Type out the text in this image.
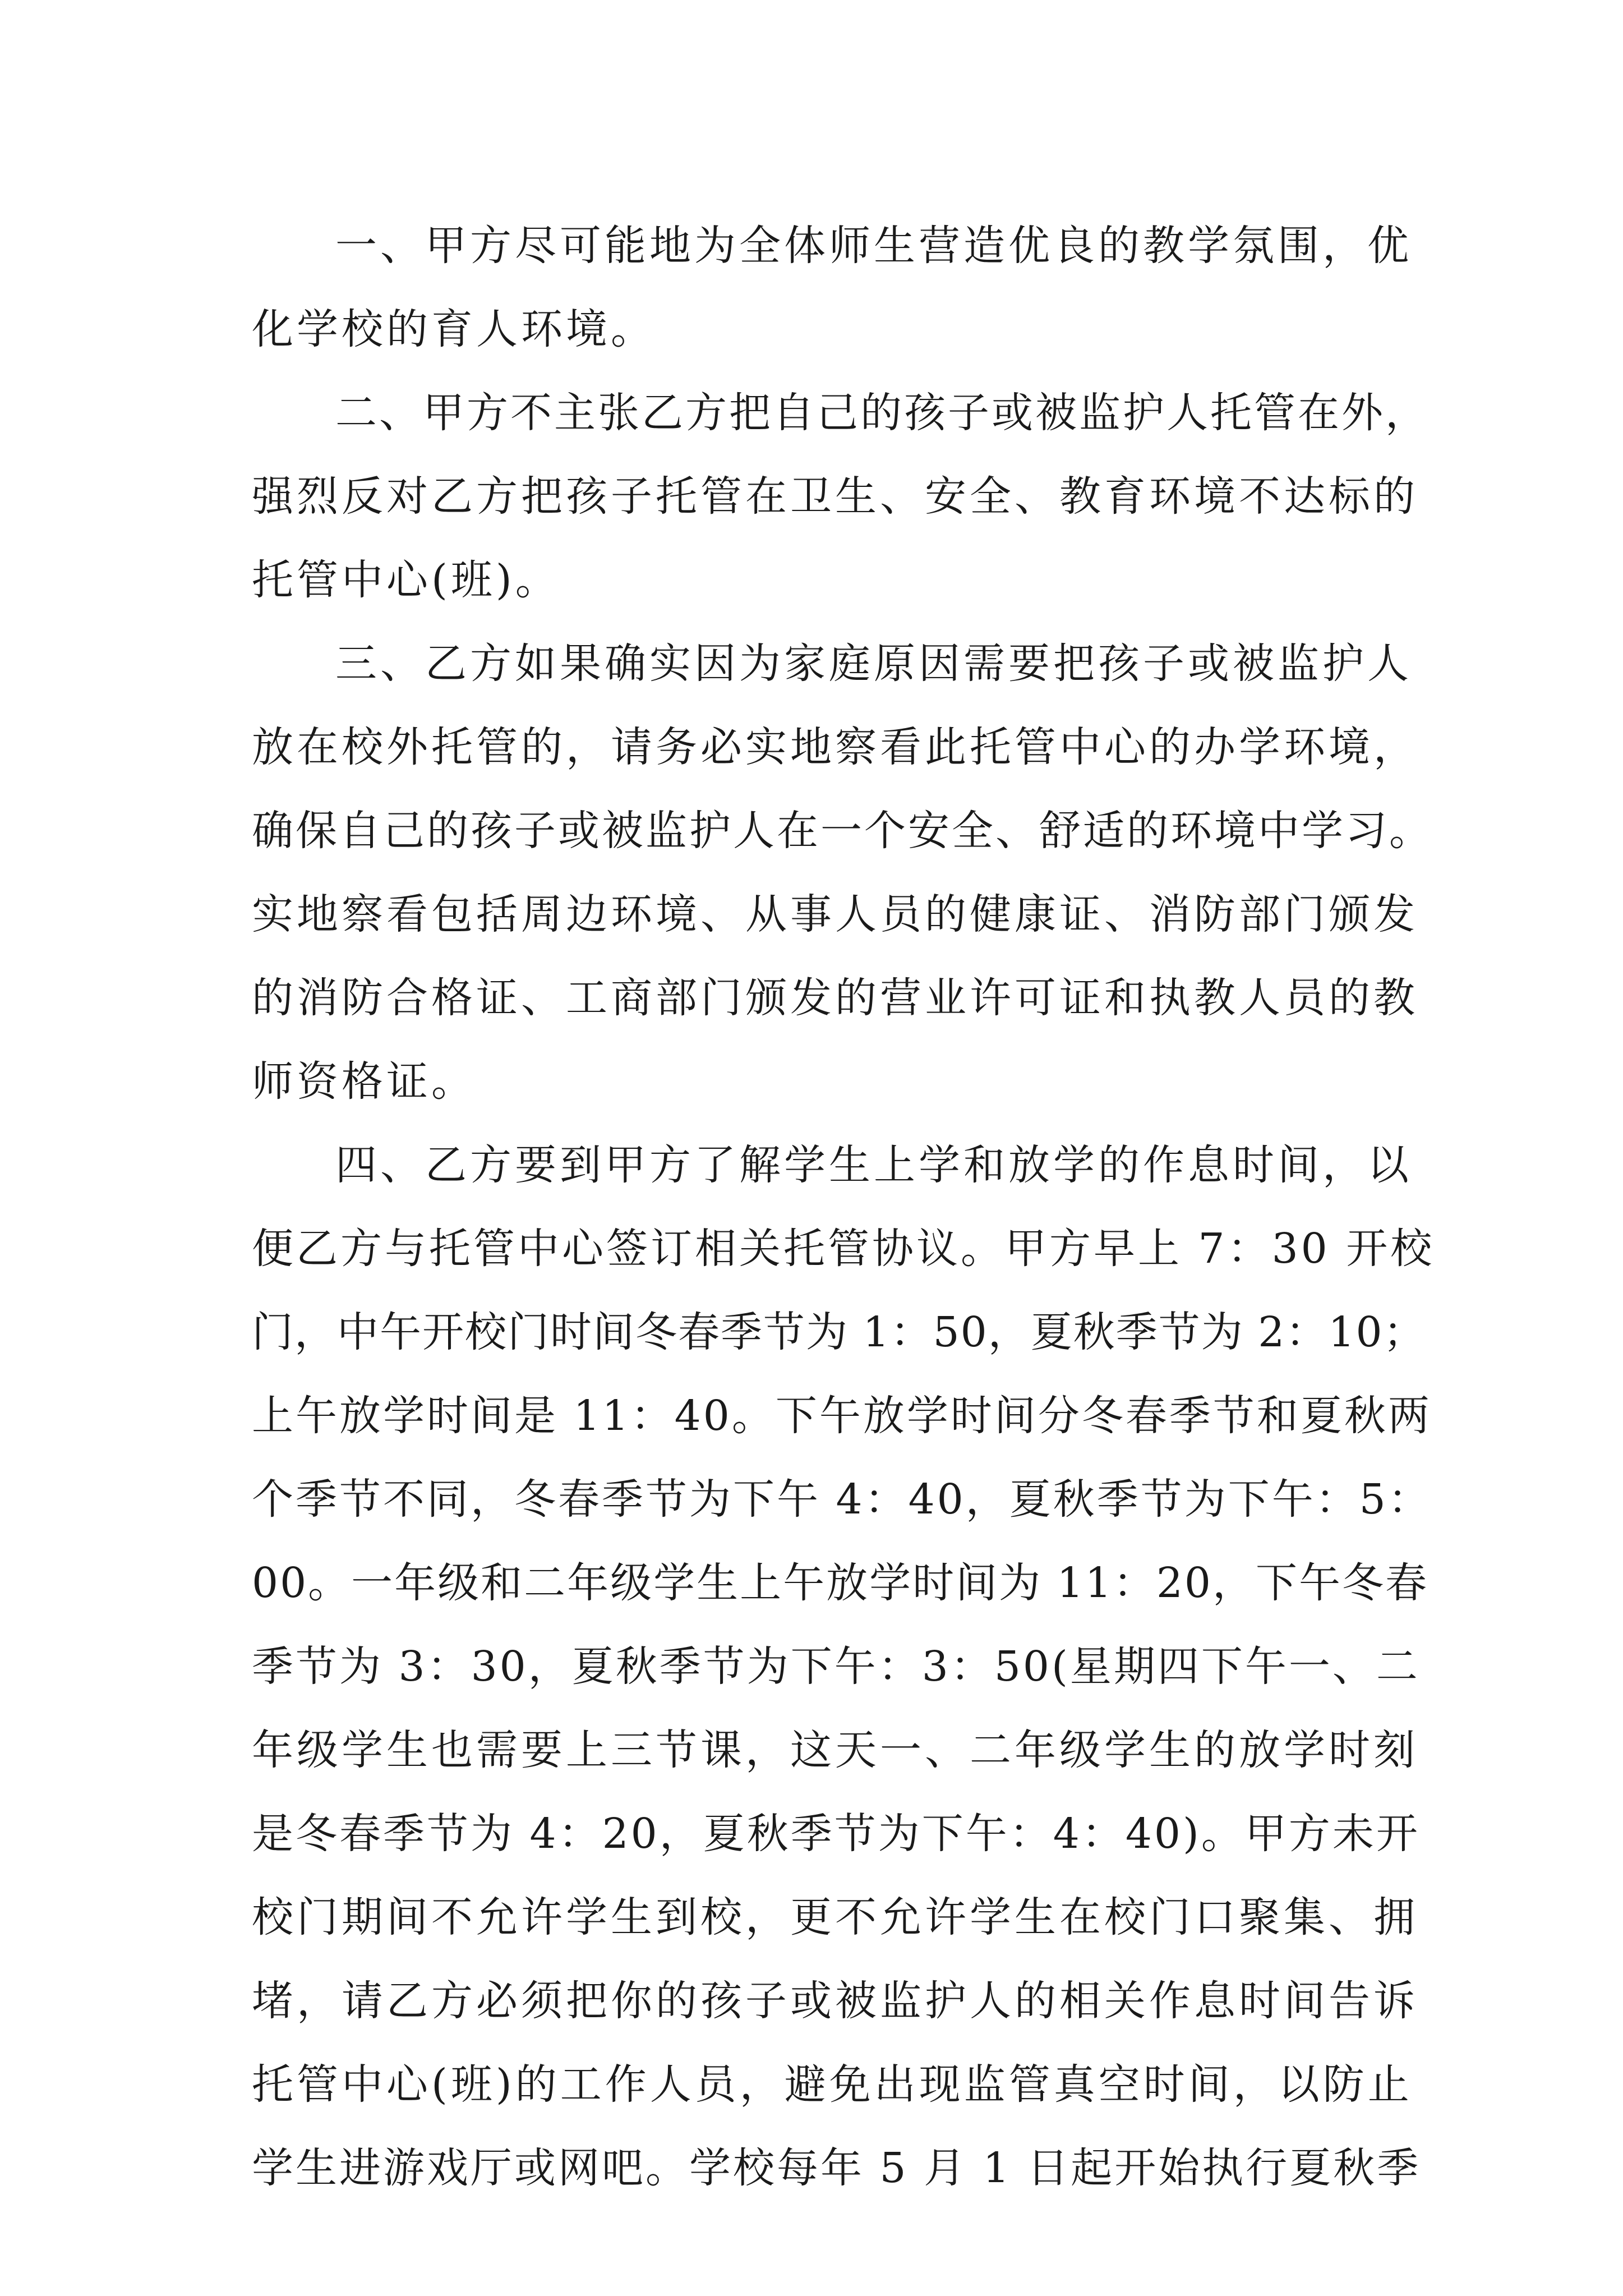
一、甲方尽可能地为全体师生营造优良的教学氛围，优
化学校的育人环境。
二、甲方不主张乙方把自己的孩子或被监护人托管在外，
强烈反对乙方把孩子托管在卫生、安全、教育环境不达标的
托管中心(班)。
三、乙方如果确实因为家庭原因需要把孩子或被监护人
放在校外托管的，请务必实地察看此托管中心的办学环境，
确保自己的孩子或被监护人在一个安全、舒适的环境中学习。
实地察看包括周边环境、从事人员的健康证、消防部门颁发
的消防合格证、工商部门颁发的营业许可证和执教人员的教
师资格证。
四、乙方要到甲方了解学生上学和放学的作息时间，以
便乙方与托管中心签订相关托管协议。甲方早上 7：30 开校
门，中午开校门时间冬春季节为 1：50，夏秋季节为 2：10；
上午放学时间是 11：40。下午放学时间分冬春季节和夏秋两
个季节不同，冬春季节为下午 4：40，夏秋季节为下午：5：
00。一年级和二年级学生上午放学时间为 11：20，下午冬春
季节为 3：30，夏秋季节为下午：3：50(星期四下午一、二
年级学生也需要上三节课，这天一、二年级学生的放学时刻
是冬春季节为 4：20，夏秋季节为下午：4：40)。甲方未开
校门期间不允许学生到校，更不允许学生在校门口聚集、拥
堵，请乙方必须把你的孩子或被监护人的相关作息时间告诉
托管中心(班)的工作人员，避免出现监管真空时间，以防止
学生进游戏厅或网吧。学校每年 5 月 1 日起开始执行夏秋季
